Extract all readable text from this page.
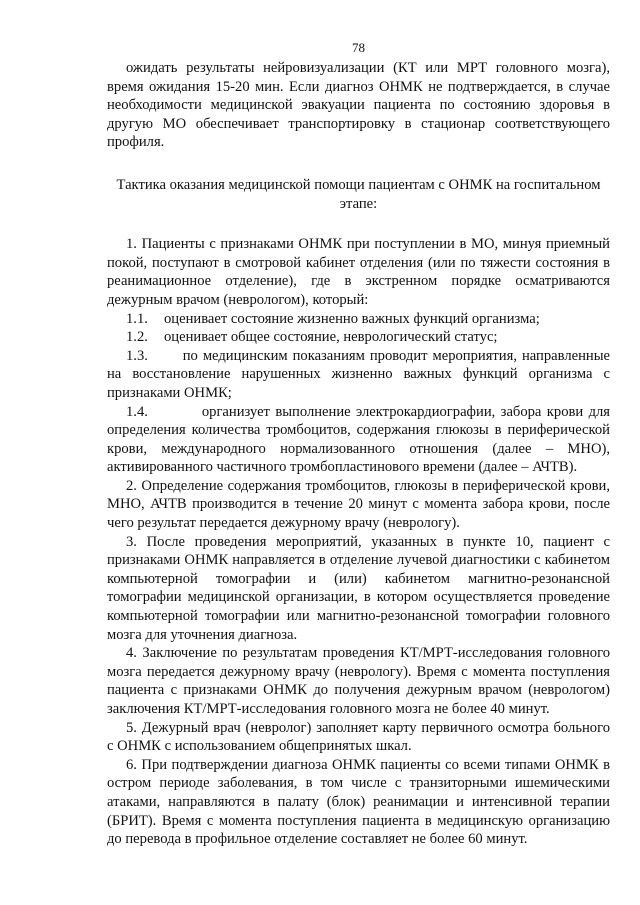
78

ожидать результаты нейровизуализации (КТ или МРТ головного мозга), время ожидания 15-20 мин. Если диагноз ОНМК не подтверждается, в случае необходимости медицинской эвакуации пациента по состоянию здоровья в другую МО обеспечивает транспортировку в стационар соответствующего профиля.

Тактика оказания медицинской помощи пациентам с ОНМК на госпитальном этапе:

1. Пациенты с признаками ОНМК при поступлении в МО, минуя приемный покой, поступают в смотровой кабинет отделения (или по тяжести состояния в реанимационное отделение), где в экстренном порядке осматриваются дежурным врачом (неврологом), который:

1.1.	оценивает состояние жизненно важных функций организма;
1.2.	оценивает общее состояние, неврологический статус;

1.3. по медицинским показаниям проводит мероприятия, направленные на восстановление нарушенных жизненно важных функций организма с признаками ОНМК;

1.4.	организует выполнение электрокардиографии, забора крови для определения количества тромбоцитов, содержания глюкозы в периферической крови, международного нормализованного отношения (далее – МНО), активированного частичного тромбопластинового времени (далее – АЧТВ).

2. Определение содержания тромбоцитов, глюкозы в периферической крови, МНО, АЧТВ производится в течение 20 минут с момента забора крови, после чего результат передается дежурному врачу (неврологу).

3. После проведения мероприятий, указанных в пункте 10, пациент с признаками ОНМК направляется в отделение лучевой диагностики с кабинетом компьютерной томографии и (или) кабинетом магнитно-резонансной томографии медицинской организации, в котором осуществляется проведение компьютерной томографии или магнитно-резонансной томографии головного мозга для уточнения диагноза.

4. Заключение по результатам проведения КТ/МРТ-исследования головного мозга передается дежурному врачу (неврологу). Время с момента поступления пациента с признаками ОНМК до получения дежурным врачом (неврологом) заключения КТ/МРТ-исследования головного мозга не более 40 минут.

5. Дежурный врач (невролог) заполняет карту первичного осмотра больного с ОНМК с использованием общепринятых шкал.

6. При подтверждении диагноза ОНМК пациенты со всеми типами ОНМК в остром периоде заболевания, в том числе с транзиторными ишемическими атаками, направляются в палату (блок) реанимации и интенсивной терапии (БРИТ). Время с момента поступления пациента в медицинскую организацию до перевода в профильное отделение составляет не более 60 минут.
